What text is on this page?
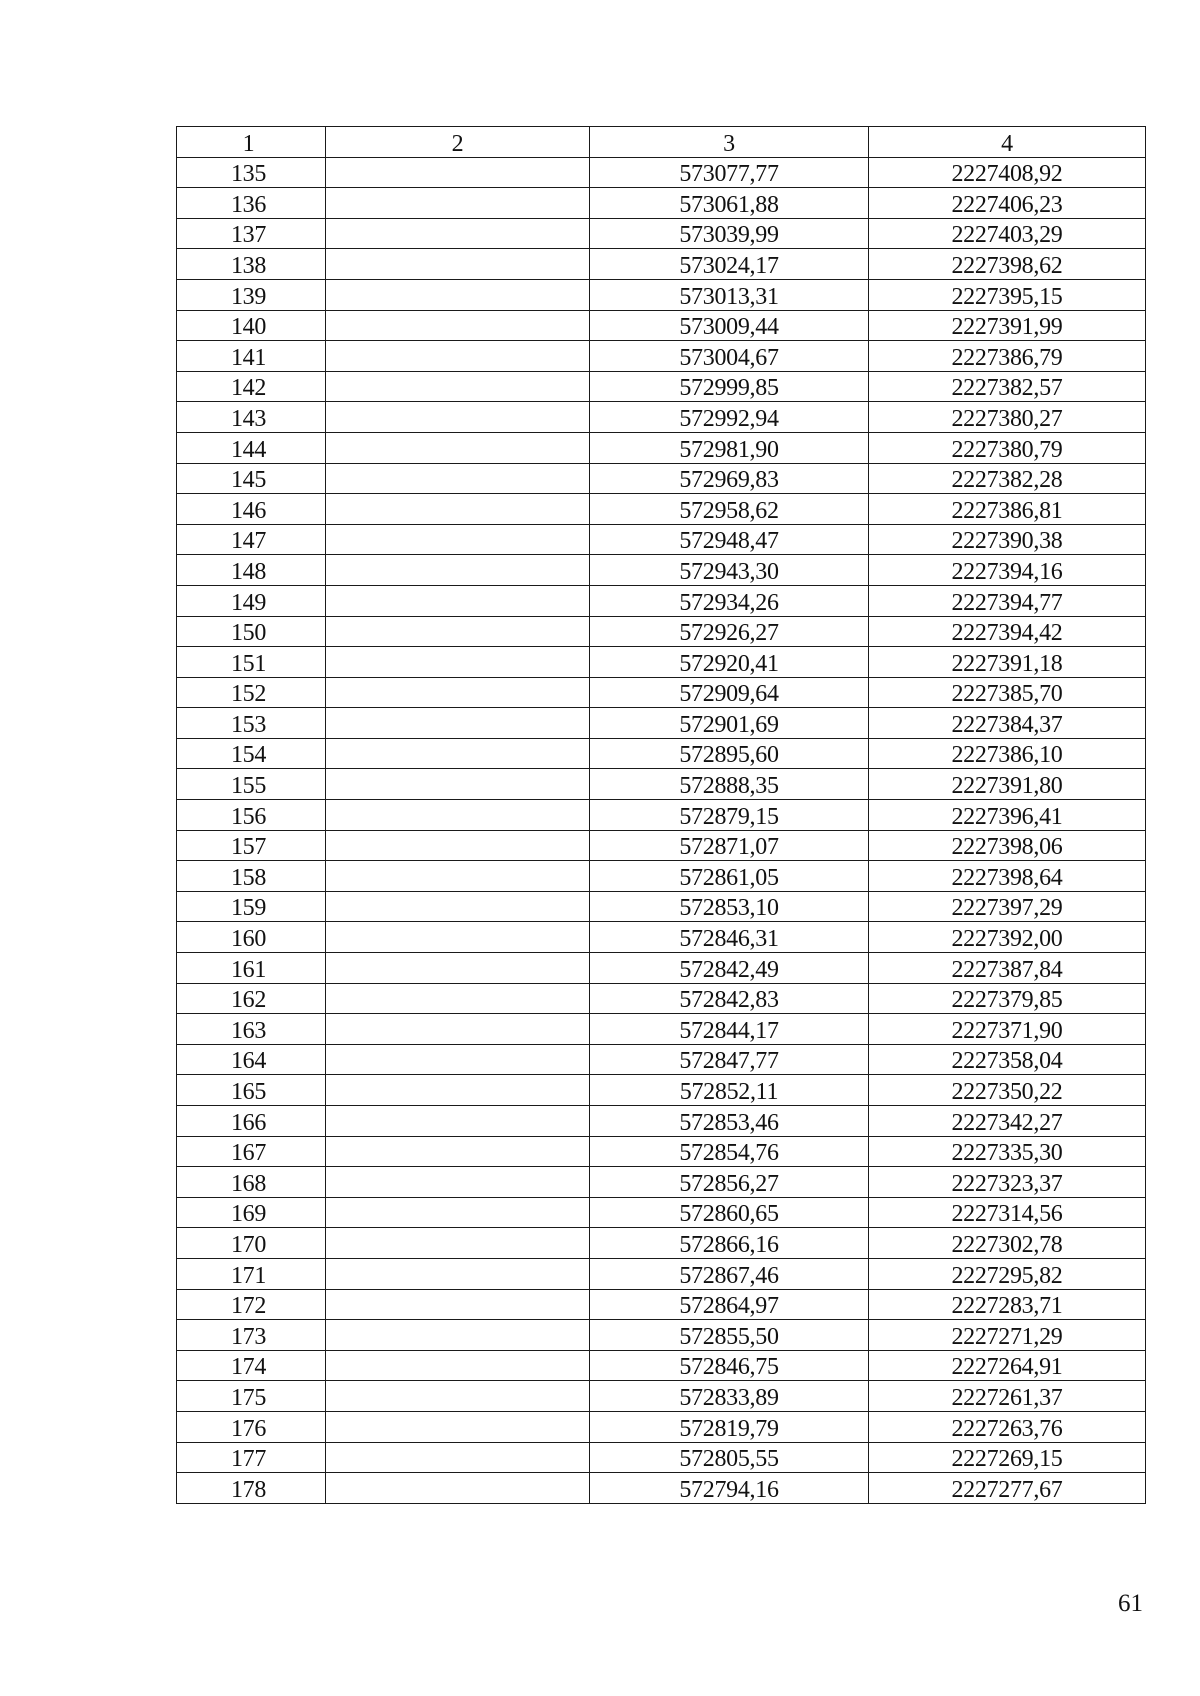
1	2	3	4
135		573077,77	2227408,92
136		573061,88	2227406,23
137		573039,99	2227403,29
138		573024,17	2227398,62
139		573013,31	2227395,15
140		573009,44	2227391,99
141		573004,67	2227386,79
142		572999,85	2227382,57
143		572992,94	2227380,27
144		572981,90	2227380,79
145		572969,83	2227382,28
146		572958,62	2227386,81
147		572948,47	2227390,38
148		572943,30	2227394,16
149		572934,26	2227394,77
150		572926,27	2227394,42
151		572920,41	2227391,18
152		572909,64	2227385,70
153		572901,69	2227384,37
154		572895,60	2227386,10
155		572888,35	2227391,80
156		572879,15	2227396,41
157		572871,07	2227398,06
158		572861,05	2227398,64
159		572853,10	2227397,29
160		572846,31	2227392,00
161		572842,49	2227387,84
162		572842,83	2227379,85
163		572844,17	2227371,90
164		572847,77	2227358,04
165		572852,11	2227350,22
166		572853,46	2227342,27
167		572854,76	2227335,30
168		572856,27	2227323,37
169		572860,65	2227314,56
170		572866,16	2227302,78
171		572867,46	2227295,82
172		572864,97	2227283,71
173		572855,50	2227271,29
174		572846,75	2227264,91
175		572833,89	2227261,37
176		572819,79	2227263,76
177		572805,55	2227269,15
178		572794,16	2227277,67
61
